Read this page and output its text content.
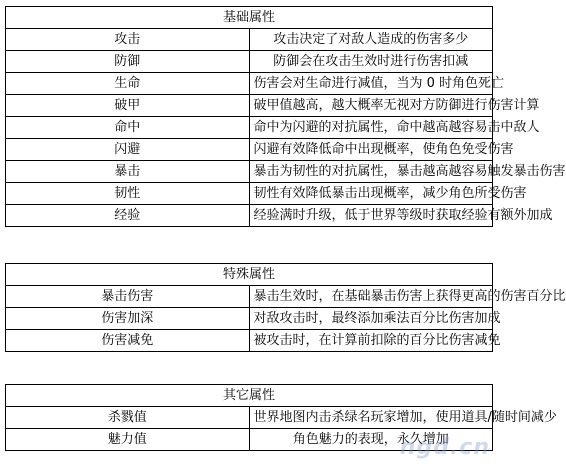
基础属性	
攻击	攻击决定了对敌人造成的伤害多少
防御	防御会在攻击生效时进行伤害扣减
生命	伤害会对生命进行减值，当为 0 时角色死亡
破甲	破甲值越高，越大概率无视对方防御进行伤害计算
命中	命中为闪避的对抗属性，命中越高越容易击中敌人
闪避	闪避有效降低命中出现概率，使角色免受伤害
暴击	暴击为韧性的对抗属性，暴击越高越容易触发暴击伤害
韧性	韧性有效降低暴击出现概率，减少角色所受伤害
经验	经验满时升级，低于世界等级时获取经验有额外加成
特殊属性	
暴击伤害	暴击生效时，在基础暴击伤害上获得更高的伤害百分比
伤害加深	对敌攻击时，最终添加乘法百分比伤害加成
伤害减免	被攻击时，在计算前扣除的百分比伤害减免
其它属性	
杀戮值	世界地图内击杀绿名玩家增加，使用道具/随时间减少
魅力值	角色魅力的表现，永久增加
ngd.cn
